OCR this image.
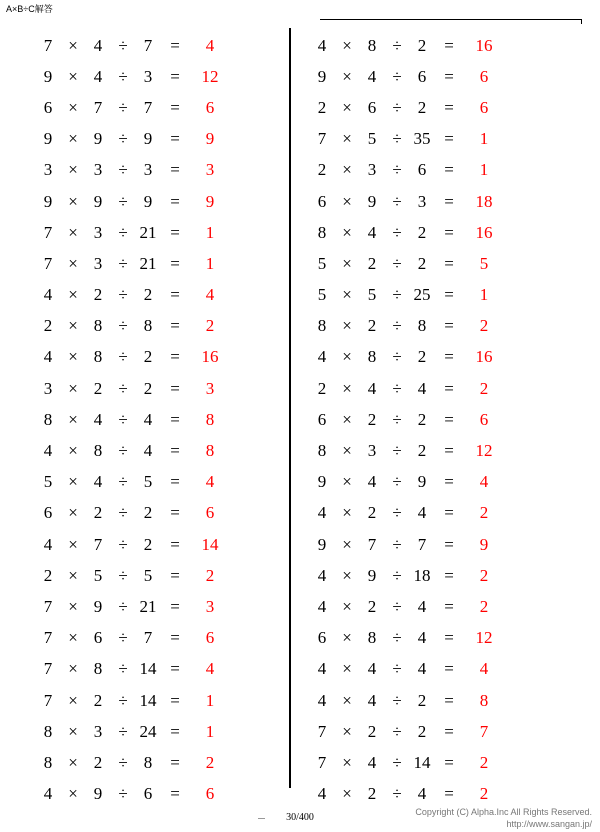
A×B÷C解答
7 × 4 ÷ 7	=	4
9 × 4 ÷ 3	=	12
6 × 7 ÷ 7	=	6
9 × 9 ÷ 9	=	9
3 × 3 ÷ 3	=	3
9 × 9 ÷ 9	=	9
7 × 3 ÷ 21 =	1
7 × 3 ÷ 21 =	1
4 × 2 ÷ 2	=	4
2 × 8 ÷ 8	=	2
4 × 8 ÷ 2	=	16
3 × 2 ÷ 2	=	3
8 × 4 ÷ 4	=	8
4 × 8 ÷ 4	=	8
5 × 4 ÷ 5	=	4
6 × 2 ÷ 2	=	6
4 × 7 ÷ 2	=	14
2 × 5 ÷ 5	=	2
7 × 9 ÷ 21 =	3
7 × 6 ÷ 7	=	6
7 × 8 ÷ 14 =	4
7 × 2 ÷ 14 =	1
8 × 3 ÷ 24 =	1
8 × 2 ÷ 8	=	2
4 × 9 ÷ 6	=	6
4 × 8 ÷ 2	=	16
9 × 4 ÷ 6	=	6
2 × 6 ÷ 2	=	6
7 × 5 ÷ 35 =	1
2 × 3 ÷ 6	=	1
6 × 9 ÷ 3	=	18
8 × 4 ÷ 2	=	16
5 × 2 ÷ 2	=	5
5 × 5 ÷ 25 =	1
8 × 2 ÷ 8	=	2
4 × 8 ÷ 2	=	16
2 × 4 ÷ 4	=	2
6 × 2 ÷ 2	=	6
8 × 3 ÷ 2	=	12
9 × 4 ÷ 9	=	4
4 × 2 ÷ 4	=	2
9 × 7 ÷ 7	=	9
4 × 9 ÷ 18 =	2
4 × 2 ÷ 4	=	2
6 × 8 ÷ 4	=	12
4 × 4 ÷ 4	=	4
4 × 4 ÷ 2	=	8
7 × 2 ÷ 2	=	7
7 × 4 ÷ 14 =	2
4 × 2 ÷ 4	=	2
30/400	Copyright (C) Alpha.Inc All Rights Reserved.
http://www.sangan.jp/
